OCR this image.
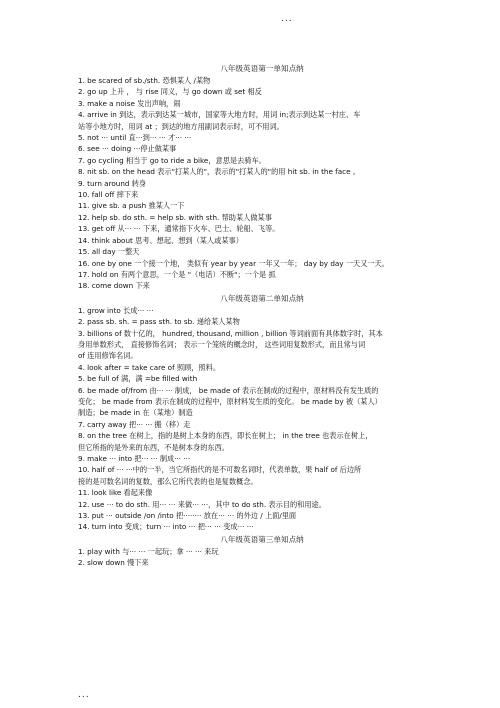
...
八年级英语第一单知点纳
1. be scared of sb./sth. 恐惧某人 /某物
2. go up 上升 ， 与 rise 同义，与 go down 或 set 相反
3. make a noise 发出声响，闹
4. arrive in 到达，表示到达某一城市，国家等大地方时，用词 in;表示到达某一村庄、车
站等小地方时，用词 at ；到达的地方用副词表示时，可不用词。
5. not ··· until 直···到··· ··· 才··· ···
6. see ··· doing ···停止做某事
7. go cycling 相当于 go to ride a bike，意思是去骑车。
8. nit sb. on the head 表示"打某人的"，表示的"打某人的"的用 hit sb. in the face 。
9. turn around 转身
10. fall off 摔下来
11. give sb. a push 推某人一下
12. help sb. do sth. = help sb. with sth. 帮助某人做某事
13. get off 从··· ··· 下来，通常指下火车、巴士、轮船、飞等。
14. think about 思考、想起、想到（某人或某事）
15. all day 一整天
16. one by one 一个接一个地， 类似有 year by year 一年又一年； day by day 一天又一天。
17. hold on 有两个意思，一个是 "（电话）不断"；一个是 抓
18. come down 下来
八年级英语第二单知点纳
1. grow into 长成··· ···
2. pass sb. sh. = pass sth. to sb. 递给某人某物
3. billions of 数十亿的， hundred, thousand, million , billion 等词前面有具体数字时，其本
身用单数形式， 直接修饰名词； 表示一个笼统的概念时， 这些词用复数形式，而且常与词
of 连用修饰名词。
4. look after = take care of 照顾，照料。
5. be full of 满，满 =be filled with
6. be made of/from 由··· ··· 制成， be made of 表示在制成的过程中，原材料没有发生质的
变化； be made from 表示在制成的过程中，原材料发生质的变化。 be made by 被（某人）
制造；be made in 在（某地）制造
7. carry away 把··· ··· 搬（移）走
8. on the tree 在树上，指的是树上本身的东西，即长在树上； in the tree 也表示在树上，
但它所指的是外来的东西，不是树本身的东西。
9. make ··· into 把··· ··· 制成··· ···
10. half of ··· ···中的一半，当它所指代的是不可数名词时，代表单数，果 half of 后边所
接的是可数名词的复数，那么它所代表的也是复数概念。
11. look like 看起来像
12. use ··· to do sth. 用··· ··· 来做··· ···，其中 to do sth. 表示目的和用途。
13. put ··· outside /on /into 把········ 放在··· ··· 的外边 / 上面/里面
14. turn into 变成；turn ··· into ··· 把··· ··· 变成··· ···
八年级英语第三单知点纳
1. play with 与··· ··· 一起玩；拿 ··· ··· 来玩
2. slow down 慢下来
...
